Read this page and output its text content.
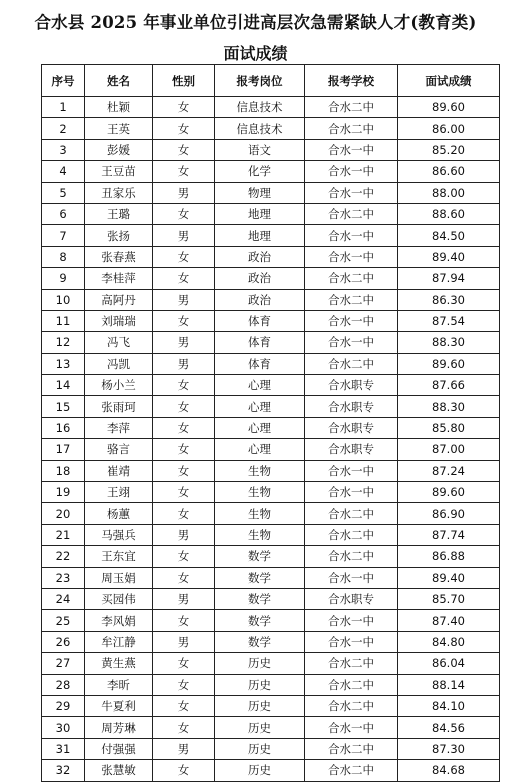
合水县 2025 年事业单位引进高层次急需紧缺人才(教育类)
面试成绩
序号	姓名	性别	报考岗位	报考学校	面试成绩
1	杜颖	女	信息技术	合水二中	89.60
2	王英	女	信息技术	合水二中	86.00
3	彭媛	女	语文	合水一中	85.20
4	王豆苗	女	化学	合水一中	86.60
5	丑家乐	男	物理	合水一中	88.00
6	王璐	女	地理	合水二中	88.60
7	张扬	男	地理	合水一中	84.50
8	张春燕	女	政治	合水一中	89.40
9	李桂萍	女	政治	合水二中	87.94
10	高阿丹	男	政治	合水二中	86.30
11	刘瑞瑞	女	体育	合水一中	87.54
12	冯飞	男	体育	合水一中	88.30
13	冯凯	男	体育	合水二中	89.60
14	杨小兰	女	心理	合水职专	87.66
15	张雨珂	女	心理	合水职专	88.30
16	李萍	女	心理	合水职专	85.80
17	骆言	女	心理	合水职专	87.00
18	崔靖	女	生物	合水一中	87.24
19	王翊	女	生物	合水一中	89.60
20	杨蕙	女	生物	合水二中	86.90
21	马强兵	男	生物	合水二中	87.74
22	王东宜	女	数学	合水二中	86.88
23	周玉娟	女	数学	合水一中	89.40
24	买园伟	男	数学	合水职专	85.70
25	李风娟	女	数学	合水一中	87.40
26	牟江静	男	数学	合水一中	84.80
27	黄生燕	女	历史	合水二中	86.04
28	李昕	女	历史	合水二中	88.14
29	牛夏利	女	历史	合水二中	84.10
30	周芳琳	女	历史	合水一中	84.56
31	付强强	男	历史	合水二中	87.30
32	张慧敏	女	历史	合水二中	84.68
